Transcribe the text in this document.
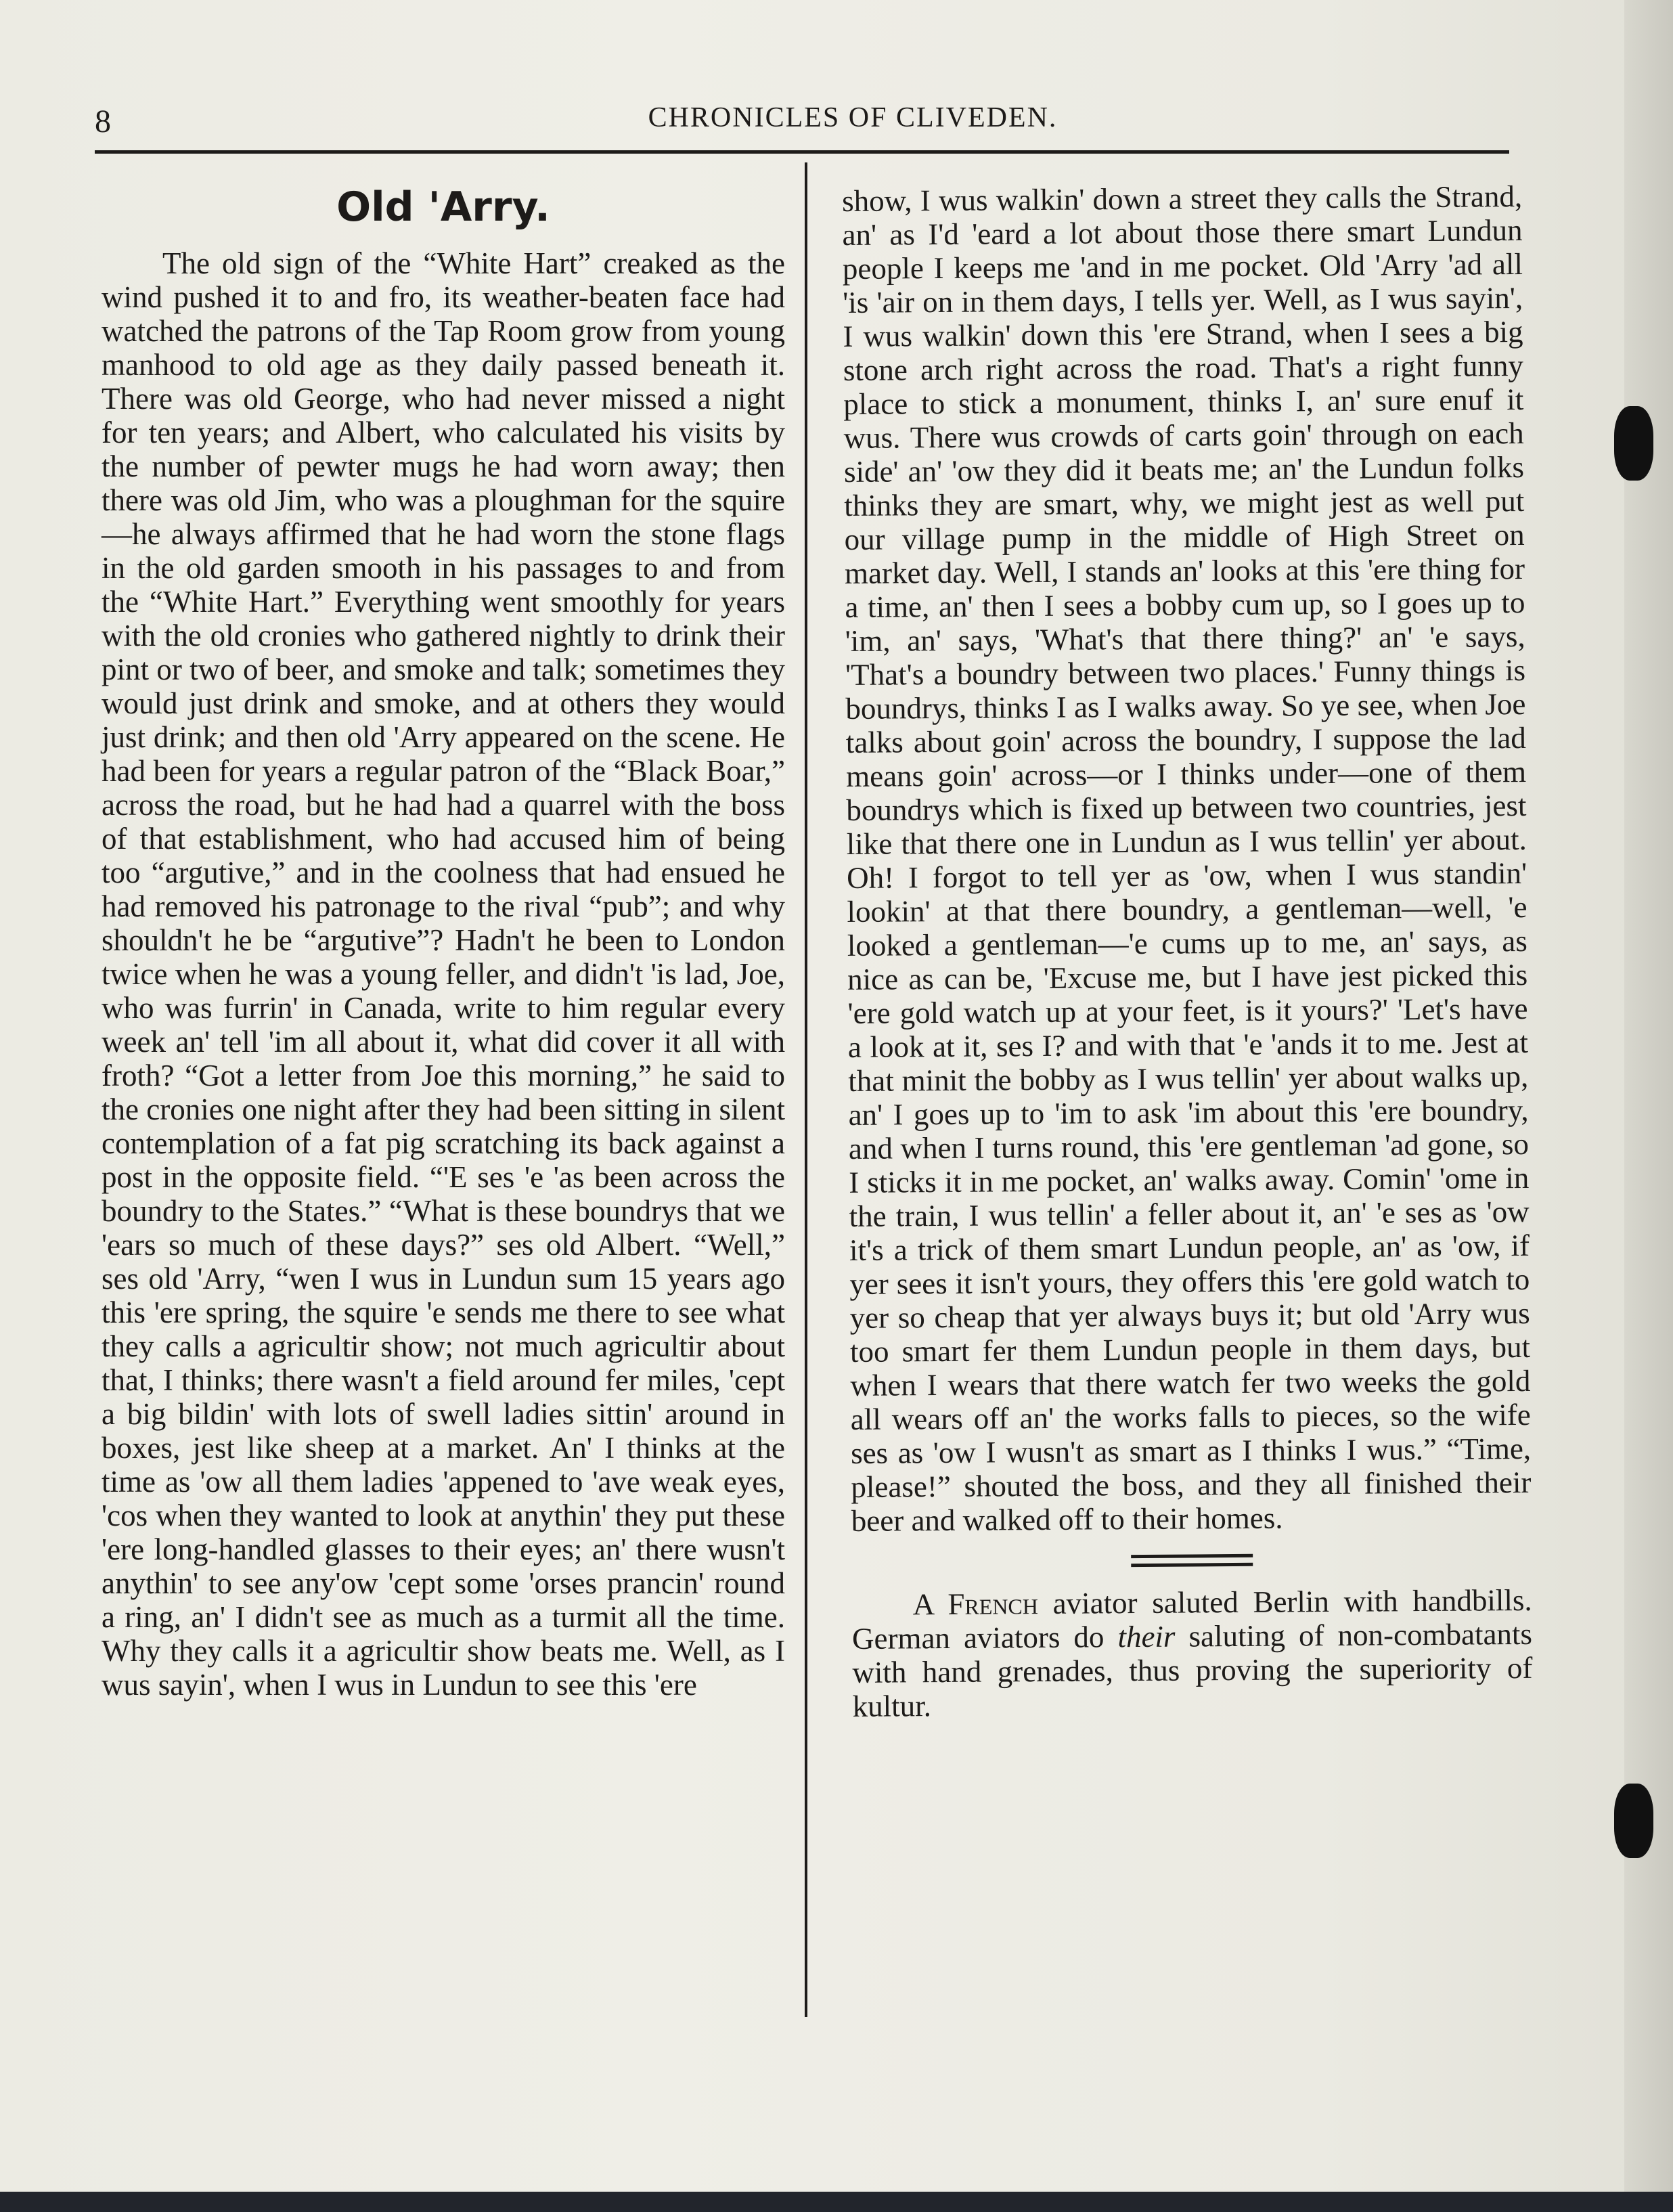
8	CHRONICLES OF CLIVEDEN.
Old 'Arry.

The old sign of the “White Hart” creaked as the wind pushed it to and fro, its weather-beaten face had watched the patrons of the Tap Room grow from young manhood to old age as they daily passed beneath it. There was old George, who had never missed a night for ten years; and Albert, who calculated his visits by the number of pewter mugs he had worn away; then there was old Jim, who was a ploughman for the squire—he always affirmed that he had worn the stone flags in the old garden smooth in his passages to and from the “White Hart.” Everything went smoothly for years with the old cronies who gathered nightly to drink their pint or two of beer, and smoke and talk; sometimes they would just drink and smoke, and at others they would just drink; and then old 'Arry appeared on the scene. He had been for years a regular patron of the “Black Boar,” across the road, but he had had a quarrel with the boss of that establishment, who had accused him of being too “argutive,” and in the coolness that had ensued he had removed his patronage to the rival “pub”; and why shouldn't he be “argutive”? Hadn't he been to London twice when he was a young feller, and didn't 'is lad, Joe, who was furrin' in Canada, write to him regular every week an' tell 'im all about it, what did cover it all with froth? “Got a letter from Joe this morning,” he said to the cronies one night after they had been sitting in silent contemplation of a fat pig scratching its back against a post in the opposite field. “'E ses 'e 'as been across the boundry to the States.” “What is these boundrys that we 'ears so much of these days?” ses old Albert. “Well,” ses old 'Arry, “wen I wus in Lundun sum 15 years ago this 'ere spring, the squire 'e sends me there to see what they calls a agricultir show; not much agricultir about that, I thinks; there wasn't a field around fer miles, 'cept a big bildin' with lots of swell ladies sittin' around in boxes, jest like sheep at a market. An' I thinks at the time as 'ow all them ladies 'appened to 'ave weak eyes, 'cos when they wanted to look at anythin' they put these 'ere long-handled glasses to their eyes; an' there wusn't anythin' to see any'ow 'cept some 'orses prancin' round a ring, an' I didn't see as much as a turmit all the time. Why they calls it a agricultir show beats me. Well, as I wus sayin', when I wus in Lundun to see this 'ere

show, I wus walkin' down a street they calls the Strand, an' as I'd 'eard a lot about those there smart Lundun people I keeps me 'and in me pocket. Old 'Arry 'ad all 'is 'air on in them days, I tells yer. Well, as I wus sayin', I wus walkin' down this 'ere Strand, when I sees a big stone arch right across the road. That's a right funny place to stick a monument, thinks I, an' sure enuf it wus. There wus crowds of carts goin' through on each side' an' 'ow they did it beats me; an' the Lundun folks thinks they are smart, why, we might jest as well put our village pump in the middle of High Street on market day. Well, I stands an' looks at this 'ere thing for a time, an' then I sees a bobby cum up, so I goes up to 'im, an' says, 'What's that there thing?' an' 'e says, 'That's a boundry between two places.' Funny things is boundrys, thinks I as I walks away. So ye see, when Joe talks about goin' across the boundry, I suppose the lad means goin' across—or I thinks under—one of them boundrys which is fixed up between two countries, jest like that there one in Lundun as I wus tellin' yer about. Oh! I forgot to tell yer as 'ow, when I wus standin' lookin' at that there boundry, a gentleman—well, 'e looked a gentleman—'e cums up to me, an' says, as nice as can be, 'Excuse me, but I have jest picked this 'ere gold watch up at your feet, is it yours?' 'Let's have a look at it, ses I? and with that 'e 'ands it to me. Jest at that minit the bobby as I wus tellin' yer about walks up, an' I goes up to 'im to ask 'im about this 'ere boundry, and when I turns round, this 'ere gentleman 'ad gone, so I sticks it in me pocket, an' walks away. Comin' 'ome in the train, I wus tellin' a feller about it, an' 'e ses as 'ow it's a trick of them smart Lundun people, an' as 'ow, if yer sees it isn't yours, they offers this 'ere gold watch to yer so cheap that yer always buys it; but old 'Arry wus too smart fer them Lundun people in them days, but when I wears that there watch fer two weeks the gold all wears off an' the works falls to pieces, so the wife ses as 'ow I wusn't as smart as I thinks I wus.” “Time, please!” shouted the boss, and they all finished their beer and walked off to their homes.

A French aviator saluted Berlin with handbills. German aviators do their saluting of non-combatants with hand grenades, thus proving the superiority of kultur.
